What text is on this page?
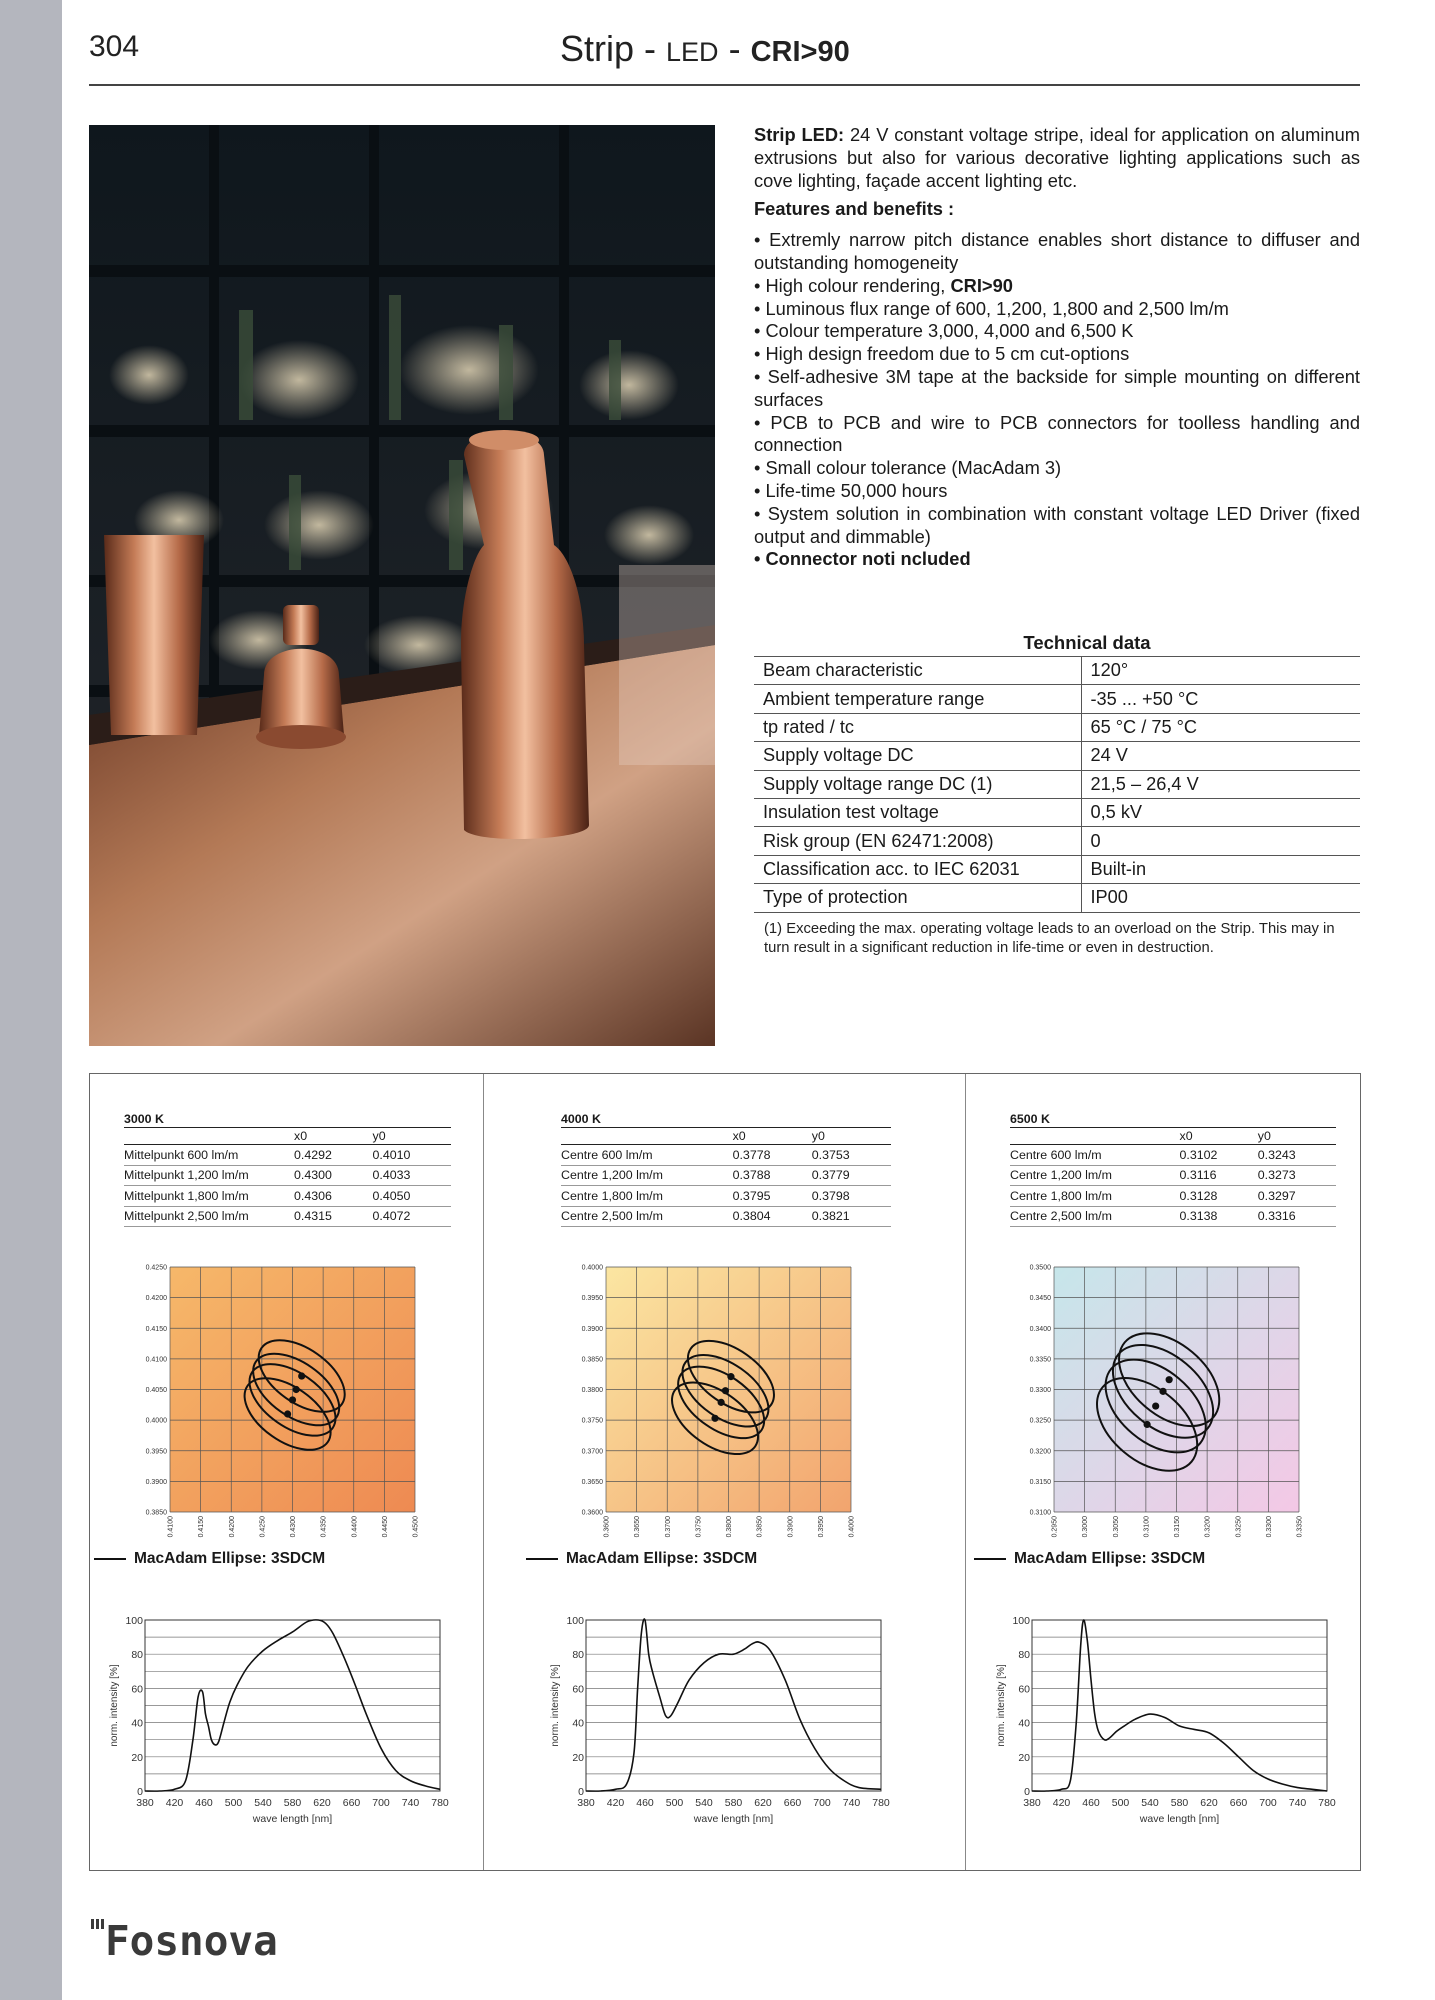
304	Strip - LED - CRI>90

Strip LED: 24 V constant voltage stripe, ideal for application on aluminum extrusions but also for various decorative lighting applications such as cove lighting, façade accent lighting etc.

Features and benefits :

• Extremly narrow pitch distance enables short distance to diffuser and outstanding homogeneity
• High colour rendering, CRI>90
• Luminous flux range of 600, 1,200, 1,800 and 2,500 lm/m
• Colour temperature 3,000, 4,000 and 6,500 K
• High design freedom due to 5 cm cut-options
• Self-adhesive 3M tape at the backside for simple mounting on different surfaces
• PCB to PCB and wire to PCB connectors for toolless handling and connection
• Small colour tolerance (MacAdam 3)
• Life-time 50,000 hours
• System solution in combination with constant voltage LED Driver (fixed output and dimmable)
• Connector noti ncluded
Technical data
Beam characteristic	120°
Ambient temperature range	-35 ... +50 °C
tp rated / tc	65 °C / 75 °C
Supply voltage DC	24 V
Supply voltage range DC (1)	21,5 – 26,4 V
Insulation test voltage	0,5 kV
Risk group (EN 62471:2008)	0
Classification acc. to IEC 62031	Built-in
Type of protection	IP00
(1) Exceeding the max. operating voltage leads to an overload on the Strip. This may in turn result in a significant reduction in life-time or even in destruction.
Fosnova
3000 K
	x0	y0
Mittelpunkt 600 lm/m	0.4292	0.4010
Mittelpunkt 1,200 lm/m	0.4300	0.4033
Mittelpunkt 1,800 lm/m	0.4306	0.4050
Mittelpunkt 2,500 lm/m	0.4315	0.4072
0.4250
0.4200
0.4150
0.4100
0.4050
0.4000
0.3950
0.3900
0.3850
0.4100	0.4150	0.4200	0.4250	0.4300	0.4350	0.4400	0.4450	0.4500
MacAdam Ellipse: 3SDCM
0
20
40
60
80
100
380 420 460 500 540 580 620 660 700 740 780
wave length [nm]
norm. intensity [%]
4000 K
	x0	y0
Centre 600 lm/m	0.3778	0.3753
Centre 1,200 lm/m	0.3788	0.3779
Centre 1,800 lm/m	0.3795	0.3798
Centre 2,500 lm/m	0.3804	0.3821
0.4000
0.3950
0.3900
0.3850
0.3800
0.3750
0.3700
0.3650
0.3600
0.3600	0.3650	0.3700	0.3750	0.3800	0.3850	0.3900	0.3950	0.4000
MacAdam Ellipse: 3SDCM
0
20
40
60
80
100
380 420 460 500 540 580 620 660 700 740 780
wave length [nm]
norm. intensity [%]
6500 K
	x0	y0
Centre 600 lm/m	0.3102	0.3243
Centre 1,200 lm/m	0.3116	0.3273
Centre 1,800 lm/m	0.3128	0.3297
Centre 2,500 lm/m	0.3138	0.3316
0.3500
0.3450
0.3400
0.3350
0.3300
0.3250
0.3200
0.3150
0.3100
0.2950	0.3000	0.3050	0.3100	0.3150	0.3200	0.3250	0.3300	0.3350
MacAdam Ellipse: 3SDCM
0
20
40
60
80
100
380 420 460 500 540 580 620 660 700 740 780
wave length [nm]
norm. intensity [%]
